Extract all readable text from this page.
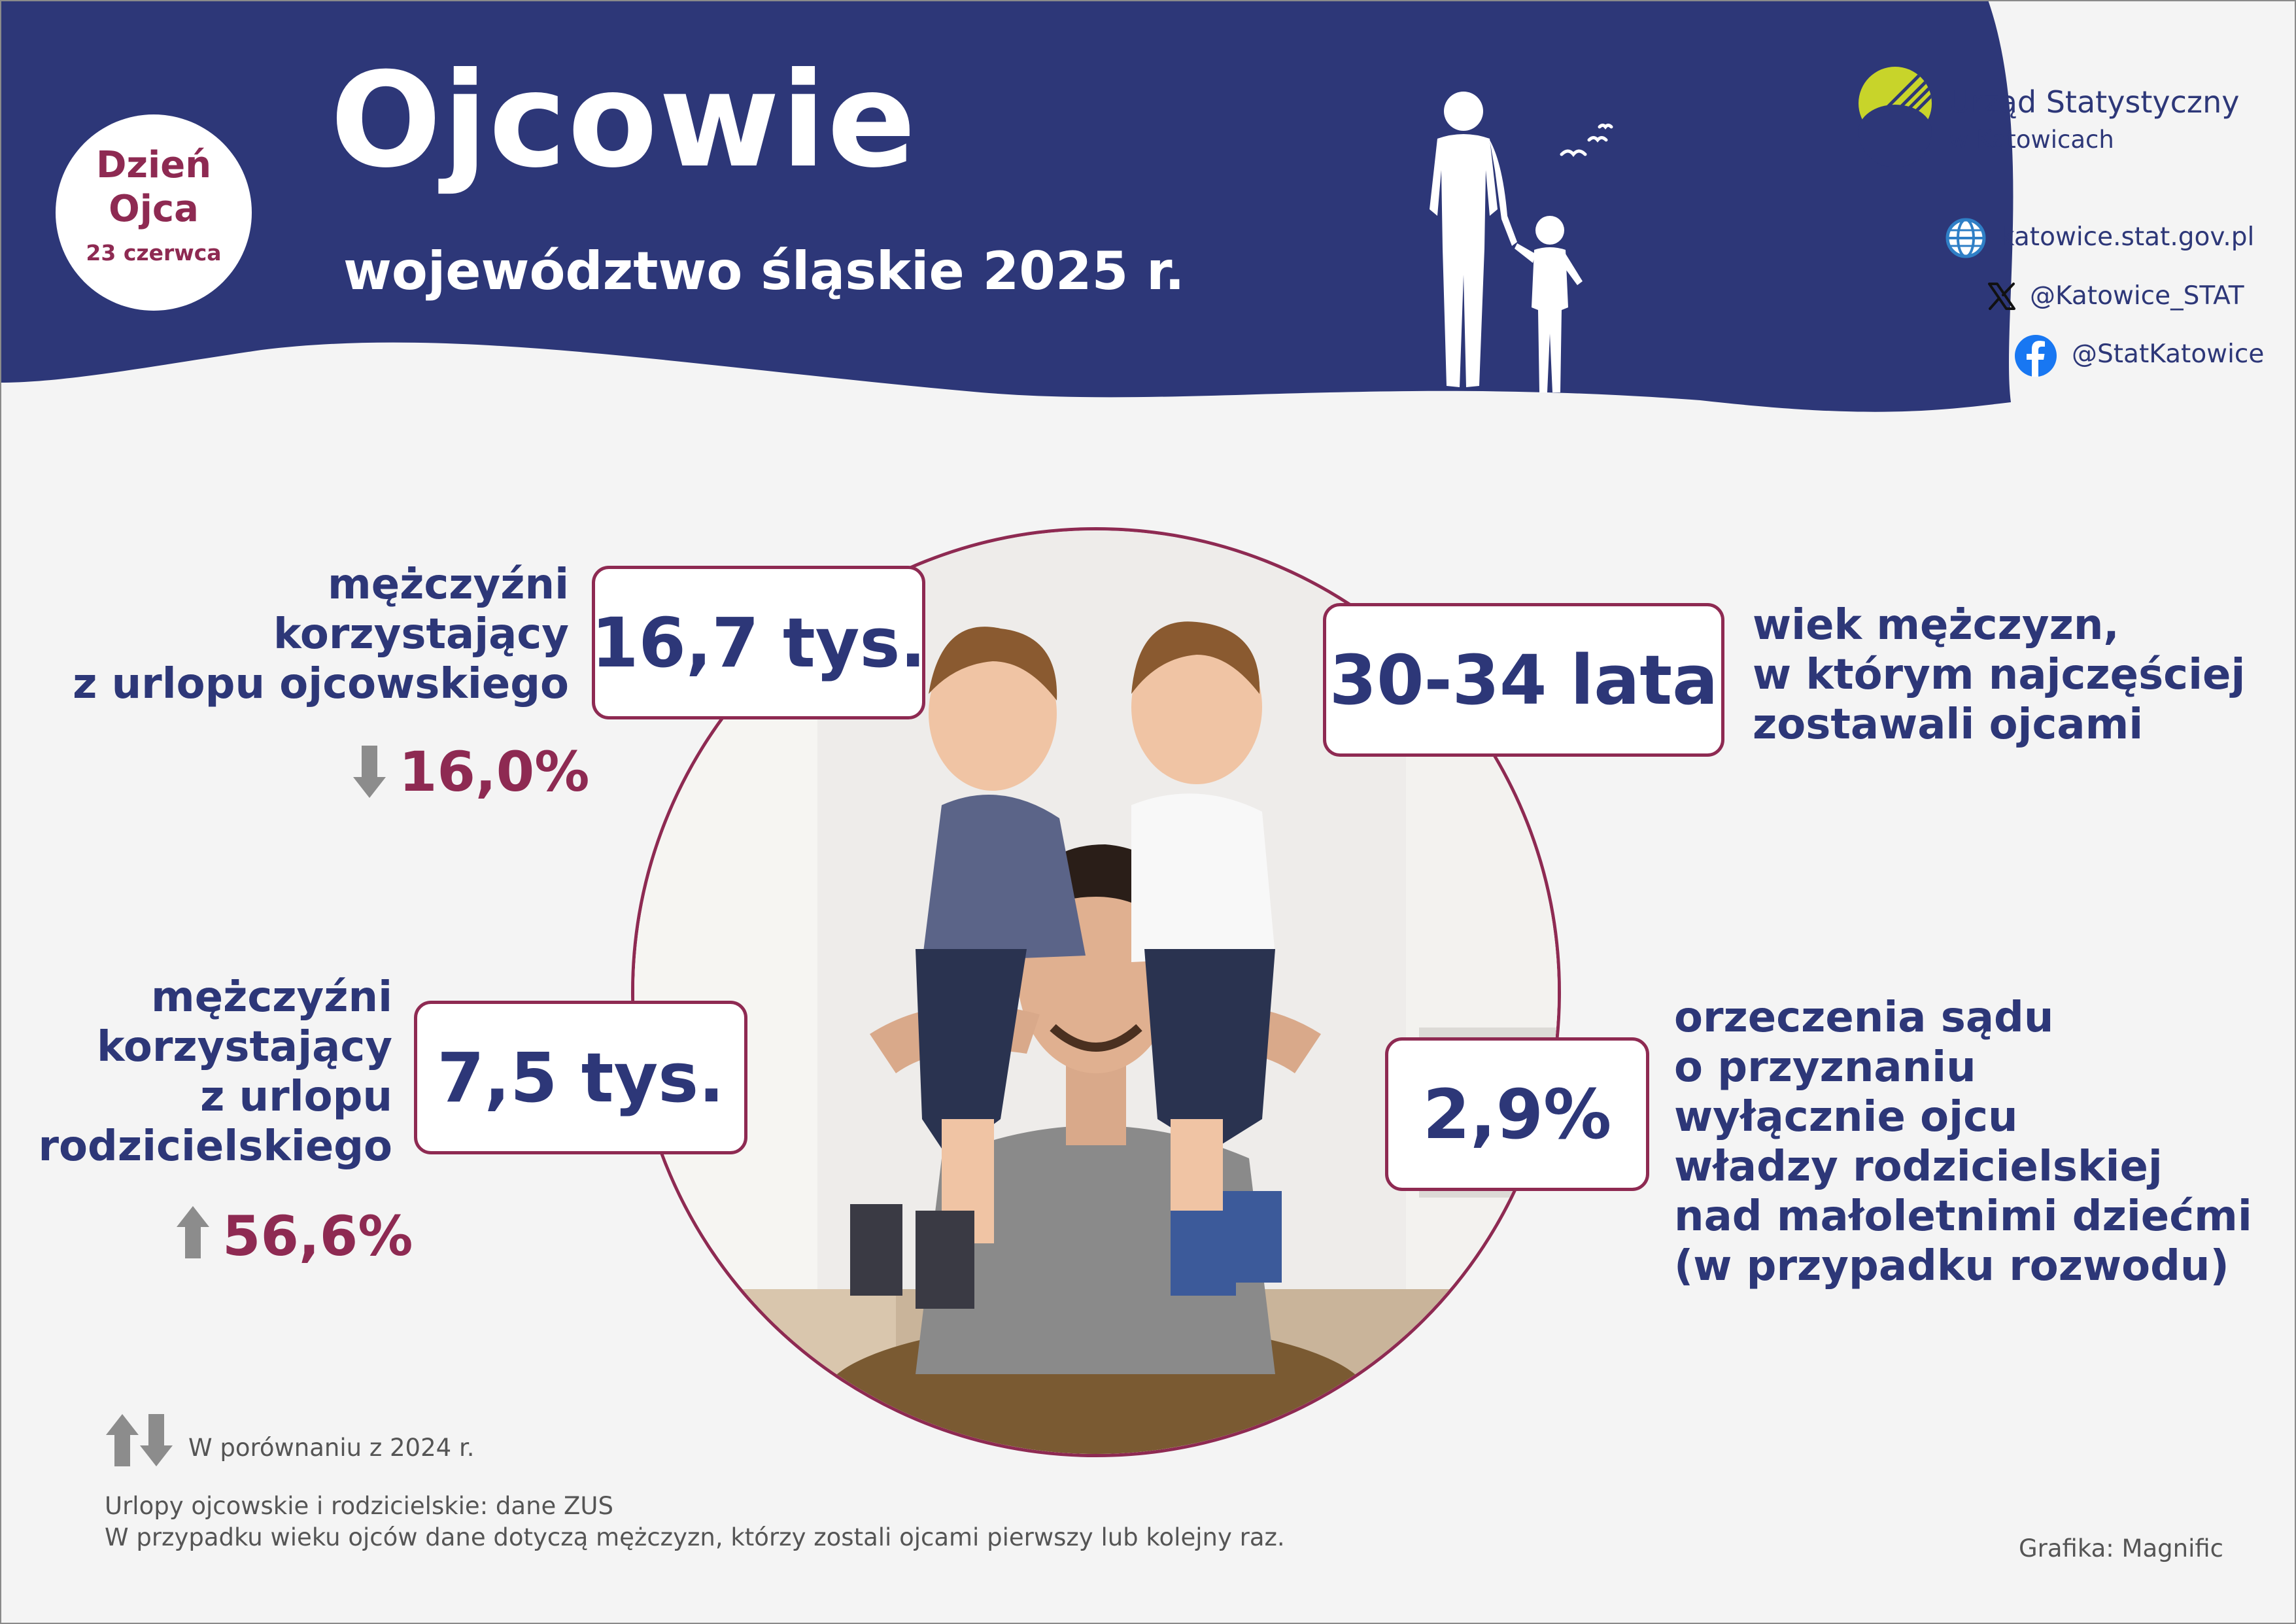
Dzień
Ojca
23 czerwca
Ojcowie
województwo śląskie 2025 r.
Urząd Statystyczny
w Katowicach
katowice.stat.gov.pl
@Katowice_STAT
@StatKatowice
mężczyźni
korzystający
z urlopu ojcowskiego
16,7 tys.
16,0%
30-34 lata
wiek mężczyzn,
w którym najczęściej
zostawali ojcami
mężczyźni
korzystający
z urlopu
rodzicielskiego
7,5 tys.
56,6%
2,9%
orzeczenia sądu
o przyznaniu
wyłącznie ojcu
władzy rodzicielskiej
nad małoletnimi dziećmi
(w przypadku rozwodu)
W porównaniu z 2024 r.
Urlopy ojcowskie i rodzicielskie: dane ZUS
W przypadku wieku ojców dane dotyczą mężczyzn, którzy zostali ojcami pierwszy lub kolejny raz.	Grafika: Magnific
